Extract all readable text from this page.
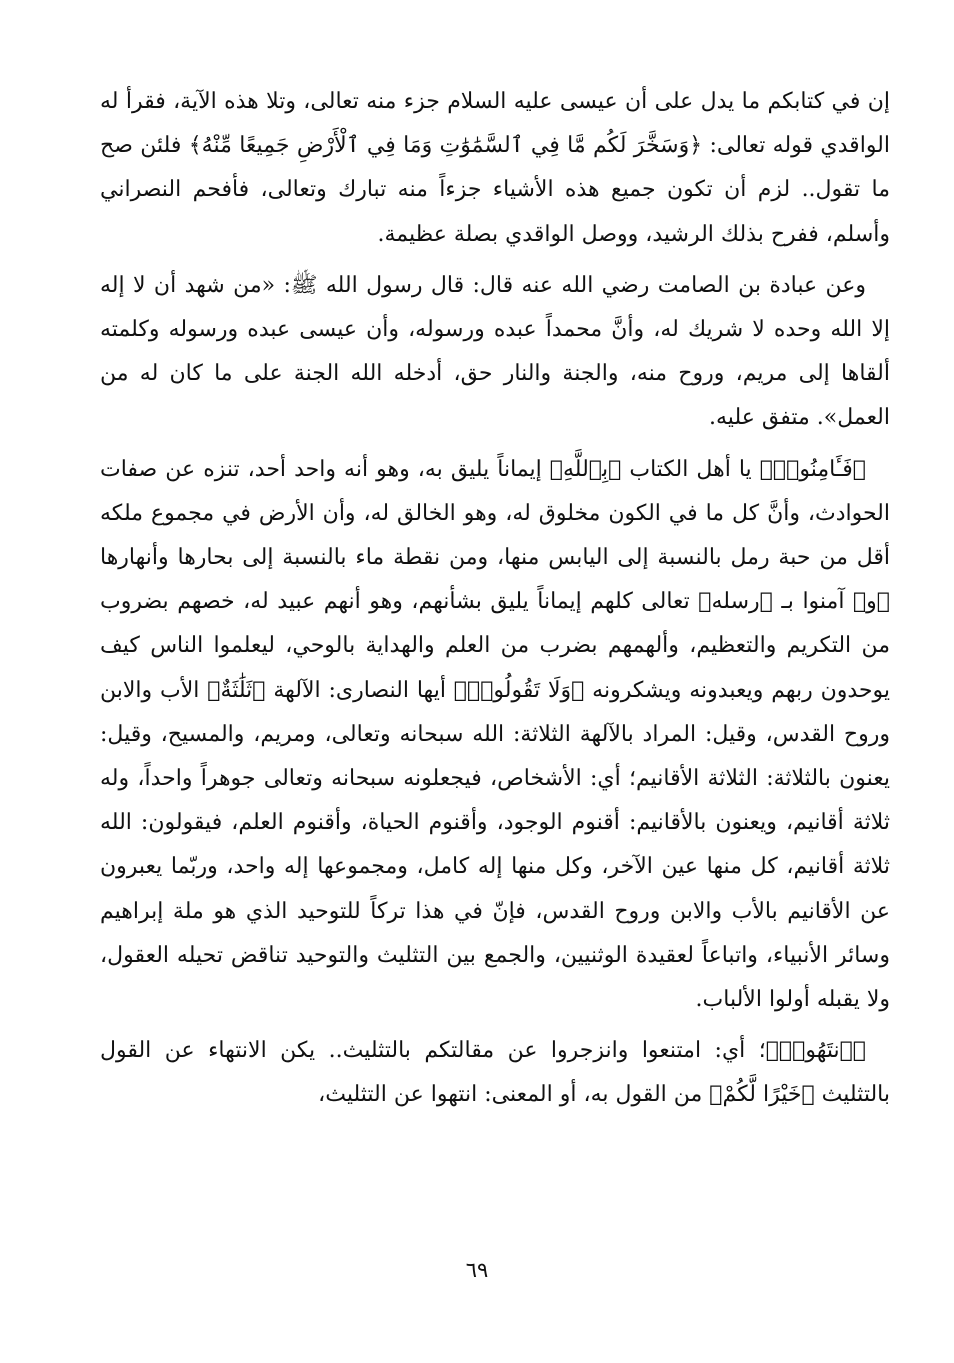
إن في كتابكم ما يدل على أن عيسى عليه السلام جزء منه تعالى، وتلا هذه الآية، فقرأ له الواقدي قوله تعالى: ﴿وَسَخَّرَ لَكُم مَّا فِي ٱلسَّمَٰوَٰتِ وَمَا فِي ٱلْأَرْضِ جَمِيعًا مِّنْهُ﴾ فلئن صح ما تقول.. لزم أن تكون جميع هذه الأشياء جزءاً منه تبارك وتعالى، فأفحم النصراني وأسلم، ففرح بذلك الرشيد، ووصل الواقدي بصلة عظيمة.

وعن عبادة بن الصامت رضي الله عنه قال: قال رسول الله ﷺ: «من شهد أن لا إله إلا الله وحده لا شريك له، وأنَّ محمداً عبده ورسوله، وأن عيسى عبده ورسوله وكلمته ألقاها إلى مريم، وروح منه، والجنة والنار حق، أدخله الله الجنة على ما كان له من العمل». متفق عليه.

﴿فَـَٔامِنُوا۟﴾ يا أهل الكتاب ﴿بِٱللَّهِ﴾ إيماناً يليق به، وهو أنه واحد أحد، تنزه عن صفات الحوادث، وأنَّ كل ما في الكون مخلوق له، وهو الخالق له، وأن الأرض في مجموع ملكه أقل من حبة رمل بالنسبة إلى اليابس منها، ومن نقطة ماء بالنسبة إلى بحارها وأنهارها ﴿و﴾ آمنوا بـ ﴿رسله﴾ تعالى كلهم إيماناً يليق بشأنهم، وهو أنهم عبيد له، خصهم بضروب من التكريم والتعظيم، وألهمهم بضرب من العلم والهداية بالوحي، ليعلموا الناس كيف يوحدون ربهم ويعبدونه ويشكرونه ﴿وَلَا تَقُولُوا۟﴾ أيها النصارى: الآلهة ﴿ثَلَٰثَةٌ﴾ الأب والابن وروح القدس، وقيل: المراد بالآلهة الثلاثة: الله سبحانه وتعالى، ومريم، والمسيح، وقيل: يعنون بالثلاثة: الثلاثة الأقانيم؛ أي: الأشخاص، فيجعلونه سبحانه وتعالى جوهراً واحداً، وله ثلاثة أقانيم، ويعنون بالأقانيم: أقنوم الوجود، وأقنوم الحياة، وأقنوم العلم، فيقولون: الله ثلاثة أقانيم، كل منها عين الآخر، وكل منها إله كامل، ومجموعها إله واحد، وربّما يعبرون عن الأقانيم بالأب والابن وروح القدس، فإنّ في هذا تركاً للتوحيد الذي هو ملة إبراهيم وسائر الأنبياء، واتباعاً لعقيدة الوثنيين، والجمع بين التثليث والتوحيد تناقض تحيله العقول، ولا يقبله أولوا الألباب.

﴿ٱنتَهُوا۟﴾؛ أي: امتنعوا وانزجروا عن مقالتكم بالتثليث.. يكن الانتهاء عن القول بالتثليث ﴿خَيْرًا لَّكُمْ﴾ من القول به، أو المعنى: انتهوا عن التثليث،

٦٩
